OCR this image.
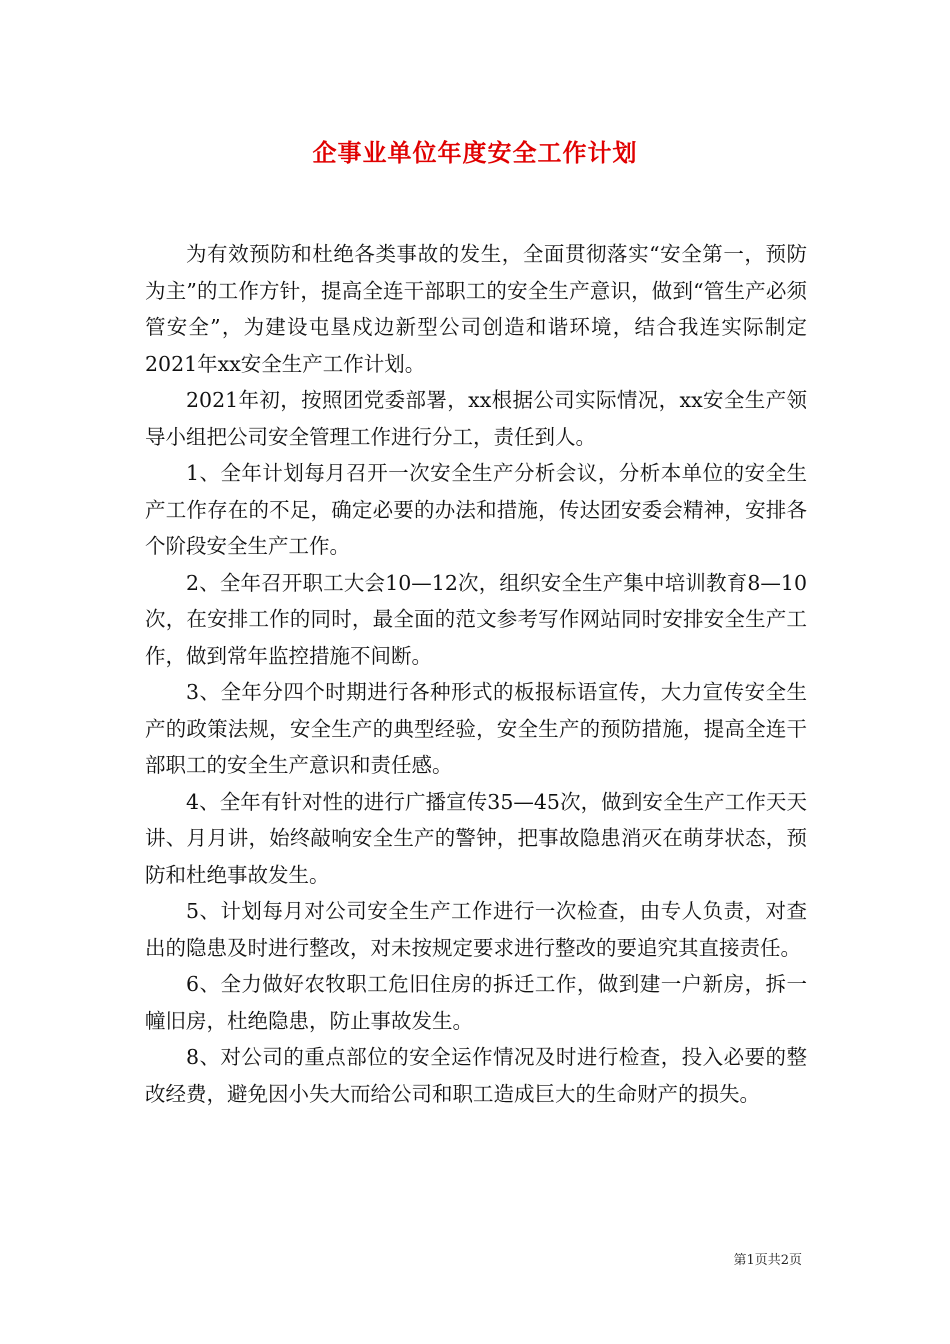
企事业单位年度安全工作计划

为有效预防和杜绝各类事故的发生，全面贯彻落实“安全第一，预防为主”的工作方针，提高全连干部职工的安全生产意识，做到“管生产必须管安全”，为建设屯垦戍边新型公司创造和谐环境，结合我连实际制定2021年xx安全生产工作计划。

2021年初，按照团党委部署，xx根据公司实际情况，xx安全生产领导小组把公司安全管理工作进行分工，责任到人。

1、全年计划每月召开一次安全生产分析会议，分析本单位的安全生产工作存在的不足，确定必要的办法和措施，传达团安委会精神，安排各个阶段安全生产工作。

2、全年召开职工大会10—12次，组织安全生产集中培训教育8—10次，在安排工作的同时，最全面的范文参考写作网站同时安排安全生产工作，做到常年监控措施不间断。

3、全年分四个时期进行各种形式的板报标语宣传，大力宣传安全生产的政策法规，安全生产的典型经验，安全生产的预防措施，提高全连干部职工的安全生产意识和责任感。

4、全年有针对性的进行广播宣传35—45次，做到安全生产工作天天讲、月月讲，始终敲响安全生产的警钟，把事故隐患消灭在萌芽状态，预防和杜绝事故发生。

5、计划每月对公司安全生产工作进行一次检查，由专人负责，对查出的隐患及时进行整改，对未按规定要求进行整改的要追究其直接责任。

6、全力做好农牧职工危旧住房的拆迁工作，做到建一户新房，拆一幢旧房，杜绝隐患，防止事故发生。

8、对公司的重点部位的安全运作情况及时进行检查，投入必要的整改经费，避免因小失大而给公司和职工造成巨大的生命财产的损失。

第1页共2页
